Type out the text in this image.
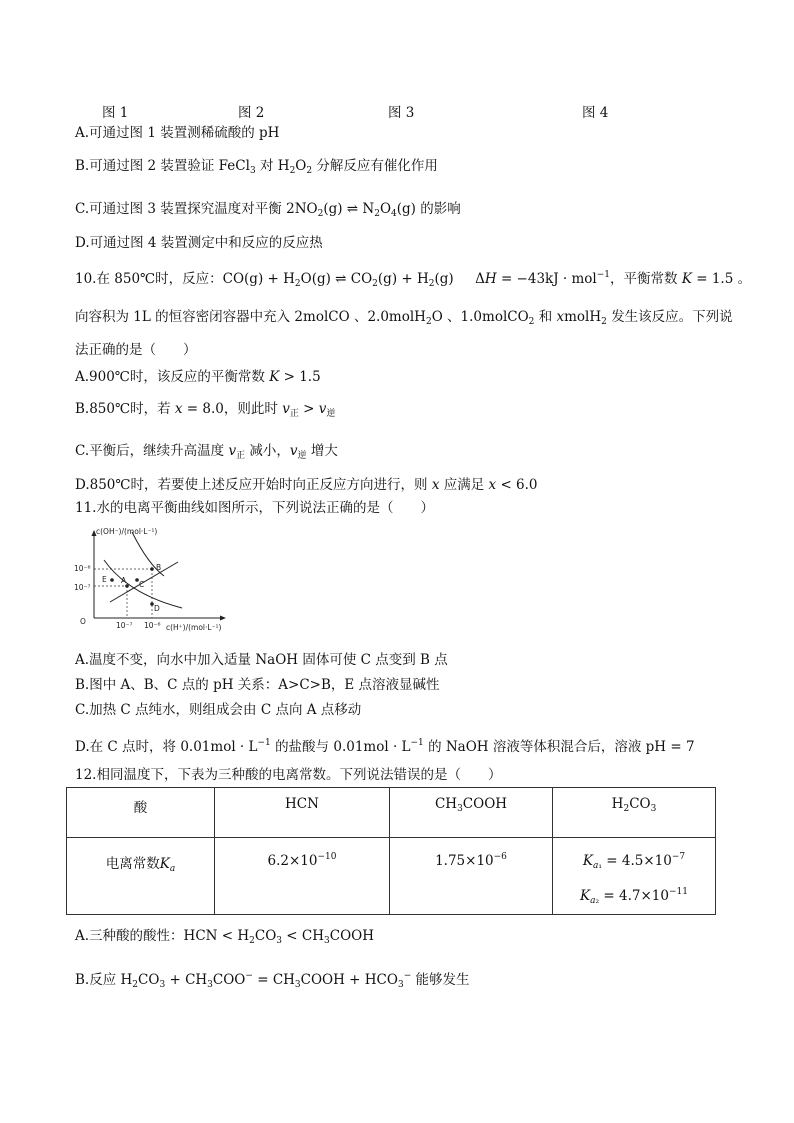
图 1	图 2	图 3	图 4
A.可通过图 1 装置测稀硫酸的 pH
B.可通过图 2 装置验证 FeCl$_3$ 对 $H_2O_2$ 分解反应有催化作用
C.可通过图 3 装置探究温度对平衡 $2NO_2(g)$ ⇌ $N_2O_4(g)$ 的影响
D.可通过图 4 装置测定中和反应的反应热
10.在 850℃时，反应：$CO(g) + H_2O(g)$ ⇌ $CO_2(g) + H_2(g)$     ΔH = −43kJ · mol$^{-1}$，平衡常数 K = 1.5 。
向容积为 1L 的恒容密闭容器中充入 2molCO 、2.0molH$_2$O 、1.0molCO$_2$ 和 xmolH$_2$ 发生该反应。下列说
法正确的是（　　）
A.900℃时，该反应的平衡常数 K > 1.5
B.850℃时，若 x = 8.0，则此时 $v_正 > v_逆$
C.平衡后，继续升高温度 $v_正$ 减小，$v_逆$ 增大
D.850℃时，若要使上述反应开始时向正反应方向进行，则 x 应满足 x < 6.0
11.水的电离平衡曲线如图所示，下列说法正确的是（　　）
c(OH⁻)/(mol·L⁻¹)
c(H⁺)/(mol·L⁻¹)
O
10⁻⁶
10⁻⁷
10⁻⁷ 10⁻⁶
A
B
C
D
E
A.温度不变，向水中加入适量 NaOH 固体可使 C 点变到 B 点
B.图中 A、B、C 点的 pH 关系：A>C>B，E 点溶液显碱性
C.加热 C 点纯水，则组成会由 C 点向 A 点移动
D.在 C 点时，将 $0.01mol \cdot L^{-1}$ 的盐酸与 $0.01mol \cdot L^{-1}$ 的 NaOH 溶液等体积混合后，溶液 pH = 7
12.相同温度下，下表为三种酸的电离常数。下列说法错误的是（　　）
酸	HCN	$CH_3COOH$	$H_2CO_3$
电离常数$K_a$	$6.2\times 10^{-10}$	$1.75\times 10^{-6}$	$K_{a_1} = 4.5\times 10^{-7}$
$K_{a_2} = 4.7\times 10^{-11}$
A.三种酸的酸性：HCN < $H_2CO_3$ < $CH_3COOH$
B.反应 $H_2CO_3 + CH_3COO^-$ = $CH_3COOH + HCO_3^-$ 能够发生
